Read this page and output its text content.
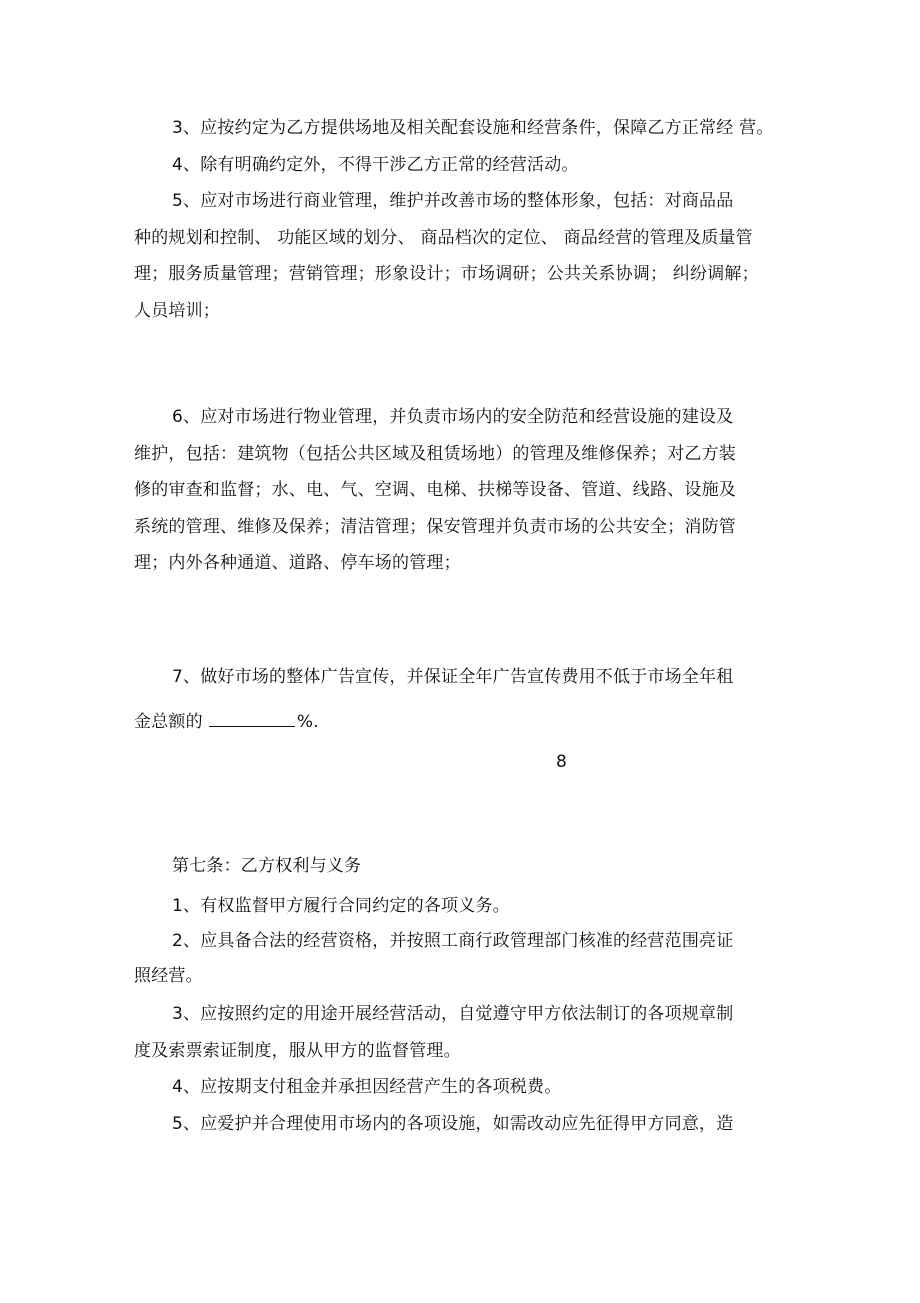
3、应按约定为乙方提供场地及相关配套设施和经营条件，保障乙方正常经 营。
4、除有明确约定外，不得干涉乙方正常的经营活动。
5、应对市场进行商业管理，维护并改善市场的整体形象，包括：对商品品
种的规划和控制、 功能区域的划分、 商品档次的定位、 商品经营的管理及质量管
理；服务质量管理；营销管理；形象设计；市场调研；公共关系协调； 纠纷调解；
人员培训；
6、应对市场进行物业管理，并负责市场内的安全防范和经营设施的建设及
维护，包括：建筑物（包括公共区域及租赁场地）的管理及维修保养；对乙方装
修的审查和监督；水、电、气、空调、电梯、扶梯等设备、管道、线路、设施及
系统的管理、维修及保养；清洁管理；保安管理并负责市场的公共安全；消防管
理；内外各种通道、道路、停车场的管理；
7、做好市场的整体广告宣传，并保证全年广告宣传费用不低于市场全年租
金总额的	%.
8
第七条：乙方权利与义务
1、有权监督甲方履行合同约定的各项义务。
2、应具备合法的经营资格，并按照工商行政管理部门核准的经营范围亮证
照经营。
3、应按照约定的用途开展经营活动，自觉遵守甲方依法制订的各项规章制
度及索票索证制度，服从甲方的监督管理。
4、应按期支付租金并承担因经营产生的各项税费。
5、应爱护并合理使用市场内的各项设施，如需改动应先征得甲方同意，造
